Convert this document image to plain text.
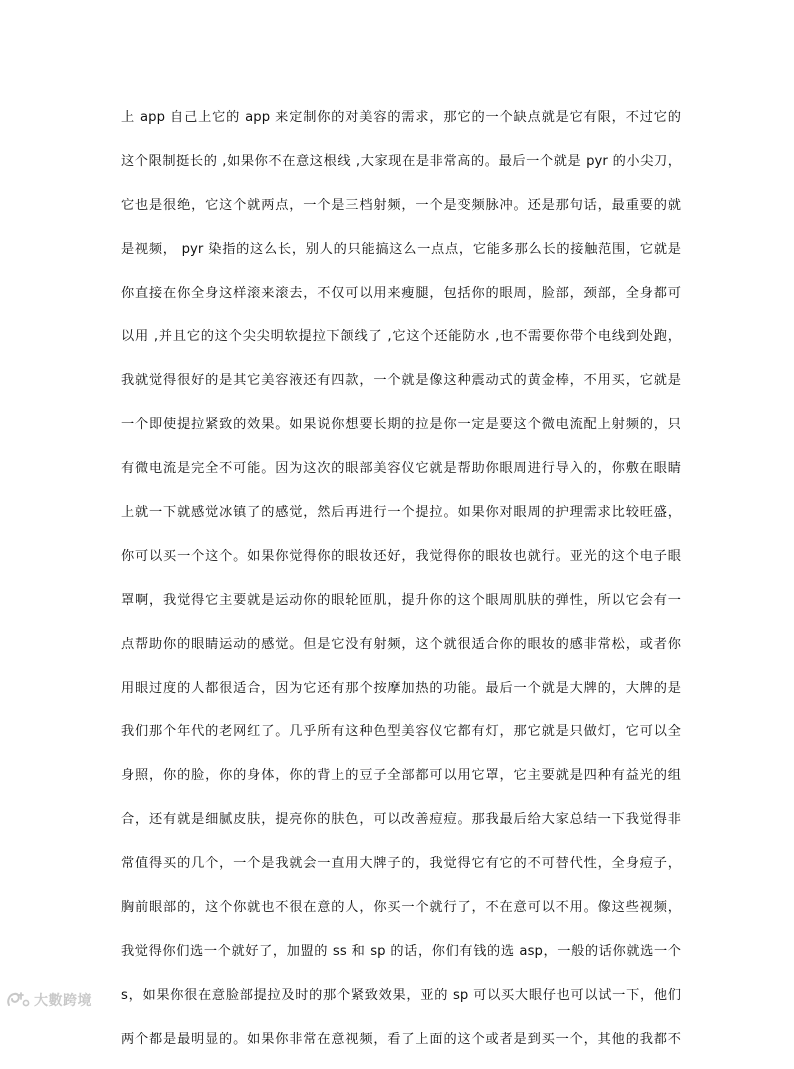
上 app 自己上它的 app 来定制你的对美容的需求，那它的一个缺点就是它有限，不过它的
这个限制挺长的 ,如果你不在意这根线 ,大家现在是非常高的。最后一个就是 pyr 的小尖刀，
它也是很绝，它这个就两点，一个是三档射频，一个是变频脉冲。还是那句话，最重要的就
是视频， pyr 染指的这么长，别人的只能搞这么一点点，它能多那么长的接触范围，它就是
你直接在你全身这样滚来滚去，不仅可以用来瘦腿，包括你的眼周，脸部，颈部，全身都可
以用 ,并且它的这个尖尖明软提拉下颌线了 ,它这个还能防水 ,也不需要你带个电线到处跑，
我就觉得很好的是其它美容液还有四款，一个就是像这种震动式的黄金棒，不用买，它就是
一个即使提拉紧致的效果。如果说你想要长期的拉是你一定是要这个微电流配上射频的，只
有微电流是完全不可能。因为这次的眼部美容仪它就是帮助你眼周进行导入的，你敷在眼睛
上就一下就感觉冰镇了的感觉，然后再进行一个提拉。如果你对眼周的护理需求比较旺盛，
你可以买一个这个。如果你觉得你的眼妆还好，我觉得你的眼妆也就行。亚光的这个电子眼
罩啊，我觉得它主要就是运动你的眼轮匝肌，提升你的这个眼周肌肤的弹性，所以它会有一
点帮助你的眼睛运动的感觉。但是它没有射频，这个就很适合你的眼妆的感非常松，或者你
用眼过度的人都很适合，因为它还有那个按摩加热的功能。最后一个就是大牌的，大牌的是
我们那个年代的老网红了。几乎所有这种色型美容仪它都有灯，那它就是只做灯，它可以全
身照，你的脸，你的身体，你的背上的豆子全部都可以用它罩，它主要就是四种有益光的组
合，还有就是细腻皮肤，提亮你的肤色，可以改善痘痘。那我最后给大家总结一下我觉得非
常值得买的几个，一个是我就会一直用大牌子的，我觉得它有它的不可替代性，全身痘子，
胸前眼部的，这个你就也不很在意的人，你买一个就行了，不在意可以不用。像这些视频，
我觉得你们选一个就好了，加盟的 ss 和 sp 的话，你们有钱的选 asp，一般的话你就选一个
s，如果你很在意脸部提拉及时的那个紧致效果，亚的 sp 可以买大眼仔也可以试一下，他们
两个都是最明显的。如果你非常在意视频，看了上面的这个或者是到买一个，其他的我都不
大數跨境
